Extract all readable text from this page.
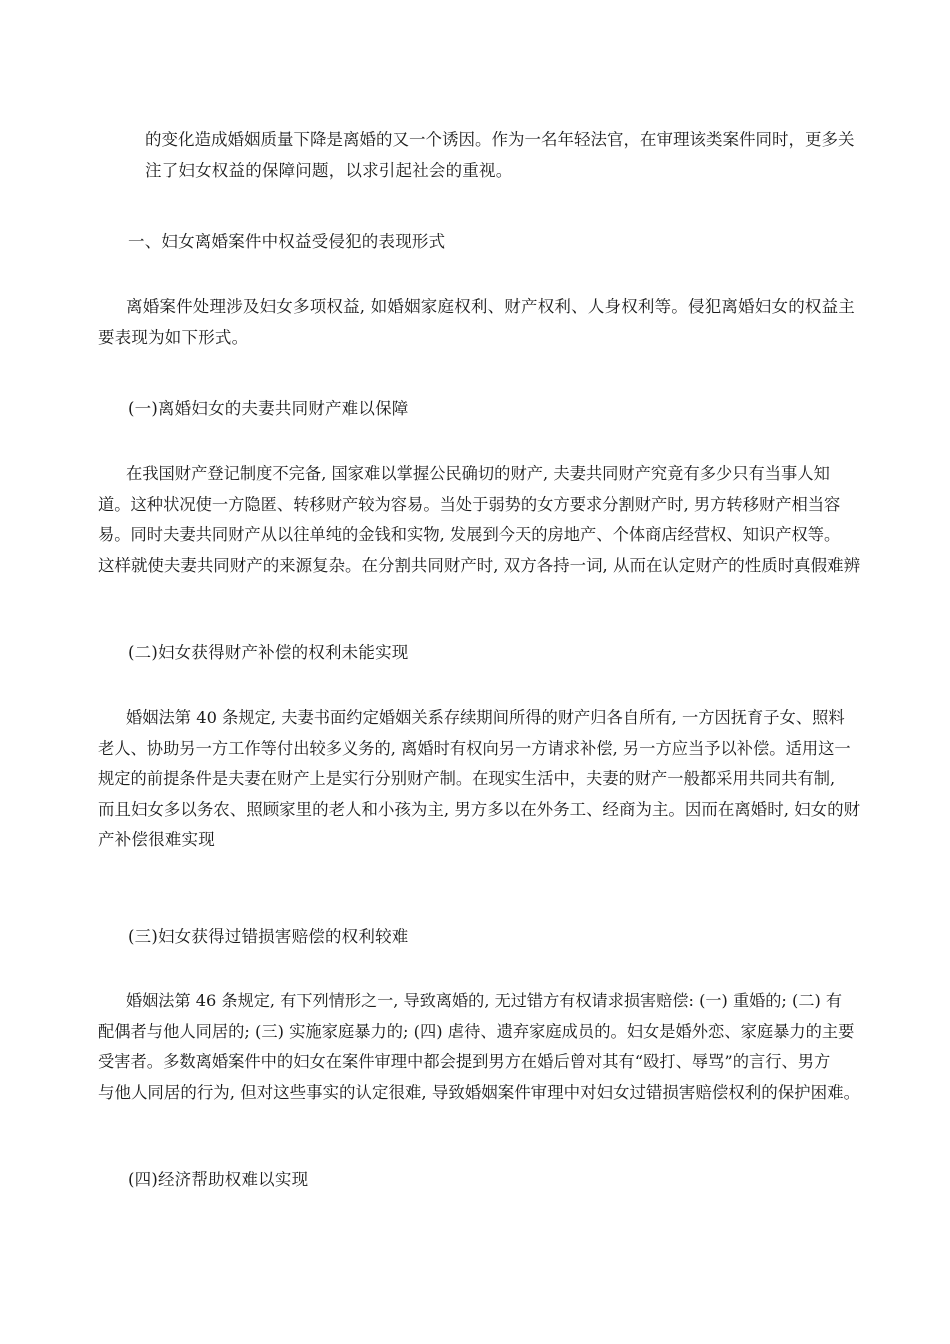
的变化造成婚姻质量下降是离婚的又一个诱因。作为一名年轻法官，在审理该类案件同时，更多关
注了妇女权益的保障问题，以求引起社会的重视。
一、妇女离婚案件中权益受侵犯的表现形式
离婚案件处理涉及妇女多项权益, 如婚姻家庭权利、财产权利、人身权利等。侵犯离婚妇女的权益主
要表现为如下形式。
(一)离婚妇女的夫妻共同财产难以保障
在我国财产登记制度不完备, 国家难以掌握公民确切的财产, 夫妻共同财产究竟有多少只有当事人知
道。这种状况使一方隐匿、转移财产较为容易。当处于弱势的女方要求分割财产时, 男方转移财产相当容
易。同时夫妻共同财产从以往单纯的金钱和实物, 发展到今天的房地产、个体商店经营权、知识产权等。
这样就使夫妻共同财产的来源复杂。在分割共同财产时, 双方各持一词, 从而在认定财产的性质时真假难辨
(二)妇女获得财产补偿的权利未能实现
婚姻法第 40 条规定, 夫妻书面约定婚姻关系存续期间所得的财产归各自所有, 一方因抚育子女、照料
老人、协助另一方工作等付出较多义务的, 离婚时有权向另一方请求补偿, 另一方应当予以补偿。适用这一
规定的前提条件是夫妻在财产上是实行分别财产制。在现实生活中，夫妻的财产一般都采用共同共有制,
而且妇女多以务农、照顾家里的老人和小孩为主, 男方多以在外务工、经商为主。因而在离婚时, 妇女的财
产补偿很难实现
(三)妇女获得过错损害赔偿的权利较难
婚姻法第 46 条规定, 有下列情形之一, 导致离婚的, 无过错方有权请求损害赔偿: (一) 重婚的; (二) 有
配偶者与他人同居的; (三) 实施家庭暴力的; (四) 虐待、遗弃家庭成员的。妇女是婚外恋、家庭暴力的主要
受害者。多数离婚案件中的妇女在案件审理中都会提到男方在婚后曾对其有“殴打、辱骂”的言行、男方
与他人同居的行为, 但对这些事实的认定很难, 导致婚姻案件审理中对妇女过错损害赔偿权利的保护困难。
(四)经济帮助权难以实现
